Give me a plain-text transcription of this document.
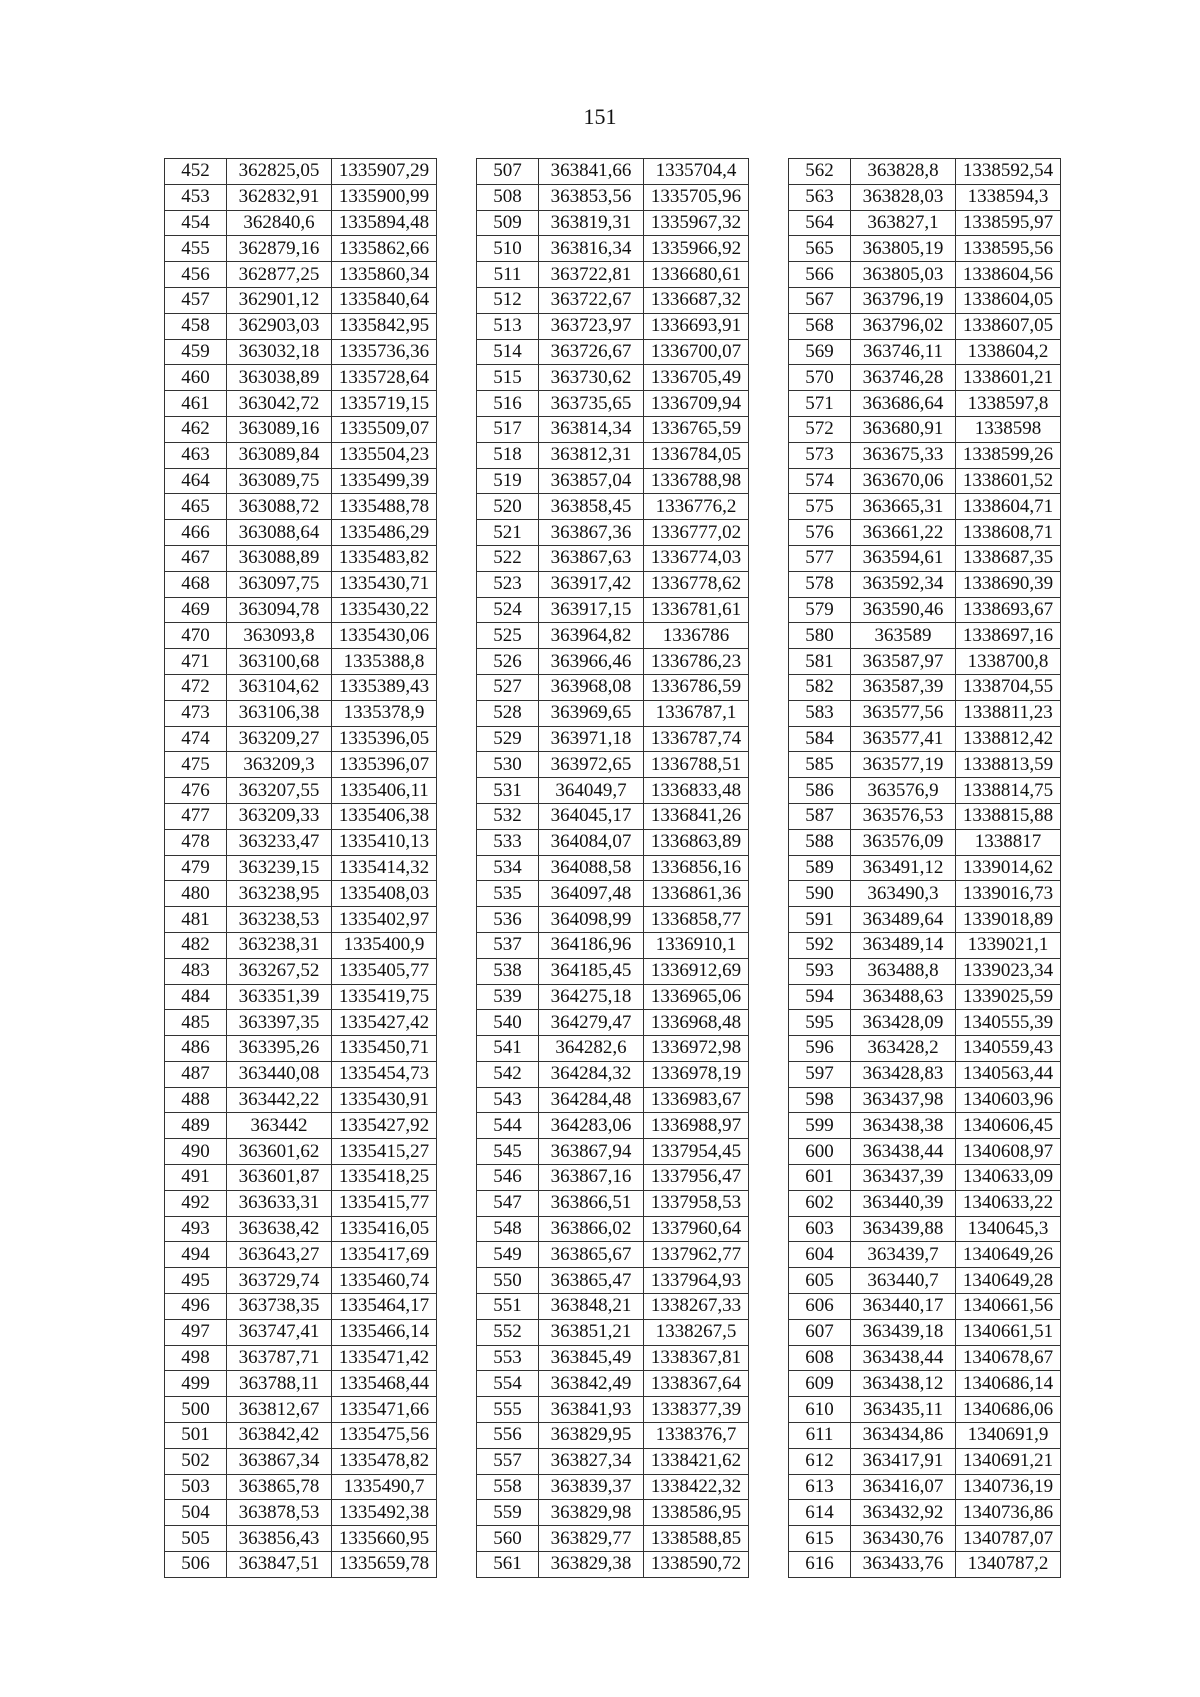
151
452	362825,05	1335907,29
453	362832,91	1335900,99
454	362840,6	1335894,48
455	362879,16	1335862,66
456	362877,25	1335860,34
457	362901,12	1335840,64
458	362903,03	1335842,95
459	363032,18	1335736,36
460	363038,89	1335728,64
461	363042,72	1335719,15
462	363089,16	1335509,07
463	363089,84	1335504,23
464	363089,75	1335499,39
465	363088,72	1335488,78
466	363088,64	1335486,29
467	363088,89	1335483,82
468	363097,75	1335430,71
469	363094,78	1335430,22
470	363093,8	1335430,06
471	363100,68	1335388,8
472	363104,62	1335389,43
473	363106,38	1335378,9
474	363209,27	1335396,05
475	363209,3	1335396,07
476	363207,55	1335406,11
477	363209,33	1335406,38
478	363233,47	1335410,13
479	363239,15	1335414,32
480	363238,95	1335408,03
481	363238,53	1335402,97
482	363238,31	1335400,9
483	363267,52	1335405,77
484	363351,39	1335419,75
485	363397,35	1335427,42
486	363395,26	1335450,71
487	363440,08	1335454,73
488	363442,22	1335430,91
489	363442	1335427,92
490	363601,62	1335415,27
491	363601,87	1335418,25
492	363633,31	1335415,77
493	363638,42	1335416,05
494	363643,27	1335417,69
495	363729,74	1335460,74
496	363738,35	1335464,17
497	363747,41	1335466,14
498	363787,71	1335471,42
499	363788,11	1335468,44
500	363812,67	1335471,66
501	363842,42	1335475,56
502	363867,34	1335478,82
503	363865,78	1335490,7
504	363878,53	1335492,38
505	363856,43	1335660,95
506	363847,51	1335659,78
507	363841,66	1335704,4
508	363853,56	1335705,96
509	363819,31	1335967,32
510	363816,34	1335966,92
511	363722,81	1336680,61
512	363722,67	1336687,32
513	363723,97	1336693,91
514	363726,67	1336700,07
515	363730,62	1336705,49
516	363735,65	1336709,94
517	363814,34	1336765,59
518	363812,31	1336784,05
519	363857,04	1336788,98
520	363858,45	1336776,2
521	363867,36	1336777,02
522	363867,63	1336774,03
523	363917,42	1336778,62
524	363917,15	1336781,61
525	363964,82	1336786
526	363966,46	1336786,23
527	363968,08	1336786,59
528	363969,65	1336787,1
529	363971,18	1336787,74
530	363972,65	1336788,51
531	364049,7	1336833,48
532	364045,17	1336841,26
533	364084,07	1336863,89
534	364088,58	1336856,16
535	364097,48	1336861,36
536	364098,99	1336858,77
537	364186,96	1336910,1
538	364185,45	1336912,69
539	364275,18	1336965,06
540	364279,47	1336968,48
541	364282,6	1336972,98
542	364284,32	1336978,19
543	364284,48	1336983,67
544	364283,06	1336988,97
545	363867,94	1337954,45
546	363867,16	1337956,47
547	363866,51	1337958,53
548	363866,02	1337960,64
549	363865,67	1337962,77
550	363865,47	1337964,93
551	363848,21	1338267,33
552	363851,21	1338267,5
553	363845,49	1338367,81
554	363842,49	1338367,64
555	363841,93	1338377,39
556	363829,95	1338376,7
557	363827,34	1338421,62
558	363839,37	1338422,32
559	363829,98	1338586,95
560	363829,77	1338588,85
561	363829,38	1338590,72
562	363828,8	1338592,54
563	363828,03	1338594,3
564	363827,1	1338595,97
565	363805,19	1338595,56
566	363805,03	1338604,56
567	363796,19	1338604,05
568	363796,02	1338607,05
569	363746,11	1338604,2
570	363746,28	1338601,21
571	363686,64	1338597,8
572	363680,91	1338598
573	363675,33	1338599,26
574	363670,06	1338601,52
575	363665,31	1338604,71
576	363661,22	1338608,71
577	363594,61	1338687,35
578	363592,34	1338690,39
579	363590,46	1338693,67
580	363589	1338697,16
581	363587,97	1338700,8
582	363587,39	1338704,55
583	363577,56	1338811,23
584	363577,41	1338812,42
585	363577,19	1338813,59
586	363576,9	1338814,75
587	363576,53	1338815,88
588	363576,09	1338817
589	363491,12	1339014,62
590	363490,3	1339016,73
591	363489,64	1339018,89
592	363489,14	1339021,1
593	363488,8	1339023,34
594	363488,63	1339025,59
595	363428,09	1340555,39
596	363428,2	1340559,43
597	363428,83	1340563,44
598	363437,98	1340603,96
599	363438,38	1340606,45
600	363438,44	1340608,97
601	363437,39	1340633,09
602	363440,39	1340633,22
603	363439,88	1340645,3
604	363439,7	1340649,26
605	363440,7	1340649,28
606	363440,17	1340661,56
607	363439,18	1340661,51
608	363438,44	1340678,67
609	363438,12	1340686,14
610	363435,11	1340686,06
611	363434,86	1340691,9
612	363417,91	1340691,21
613	363416,07	1340736,19
614	363432,92	1340736,86
615	363430,76	1340787,07
616	363433,76	1340787,2
